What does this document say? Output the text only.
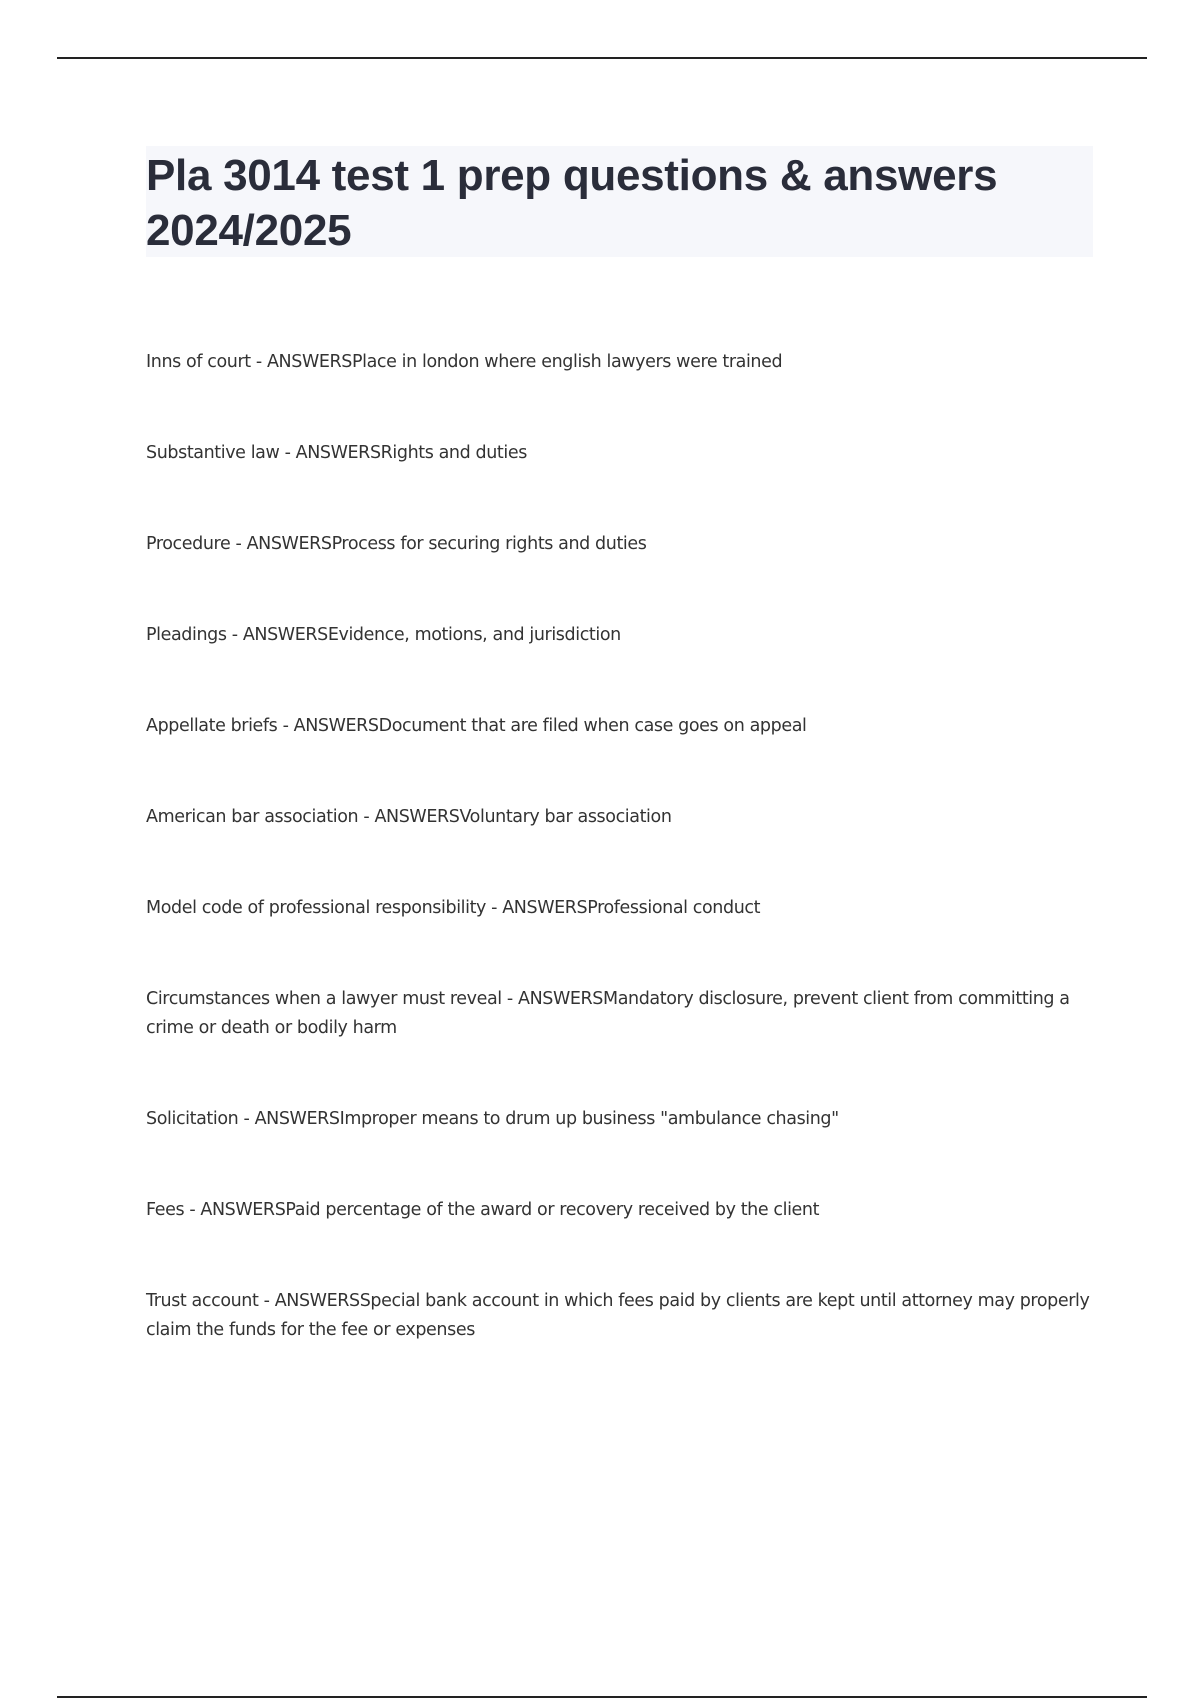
Pla 3014 test 1 prep questions & answers 2024/2025

Inns of court - ANSWERSPlace in london where english lawyers were trained

Substantive law - ANSWERSRights and duties

Procedure - ANSWERSProcess for securing rights and duties

Pleadings - ANSWERSEvidence, motions, and jurisdiction

Appellate briefs - ANSWERSDocument that are filed when case goes on appeal

American bar association - ANSWERSVoluntary bar association

Model code of professional responsibility - ANSWERSProfessional conduct

Circumstances when a lawyer must reveal - ANSWERSMandatory disclosure, prevent client from committing a crime or death or bodily harm

Solicitation - ANSWERSImproper means to drum up business "ambulance chasing"

Fees - ANSWERSPaid percentage of the award or recovery received by the client

Trust account - ANSWERSSpecial bank account in which fees paid by clients are kept until attorney may properly claim the funds for the fee or expenses
